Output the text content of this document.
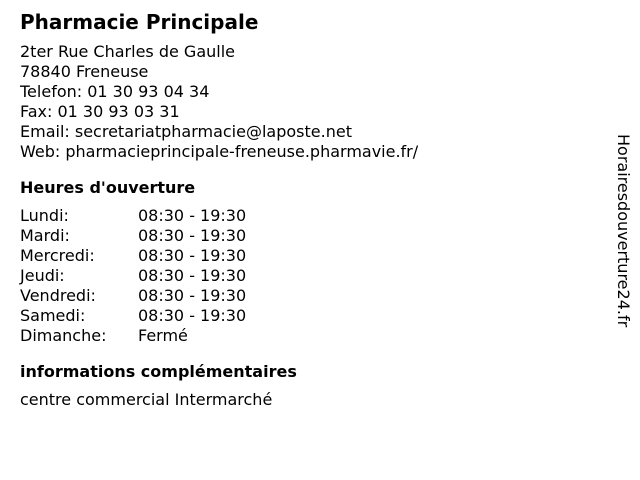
Pharmacie Principale
2ter Rue Charles de Gaulle
78840 Freneuse
Telefon: 01 30 93 04 34
Fax: 01 30 93 03 31
Email: secretariatpharmacie@laposte.net
Web: pharmacieprincipale-freneuse.pharmavie.fr/
Heures d'ouverture
Lundi:	08:30 - 19:30
Mardi:	08:30 - 19:30
Mercredi:	08:30 - 19:30
Jeudi:	08:30 - 19:30
Vendredi:	08:30 - 19:30
Samedi:	08:30 - 19:30
Dimanche:	Fermé
informations complémentaires
centre commercial Intermarché
Horairesdouverture24.fr
